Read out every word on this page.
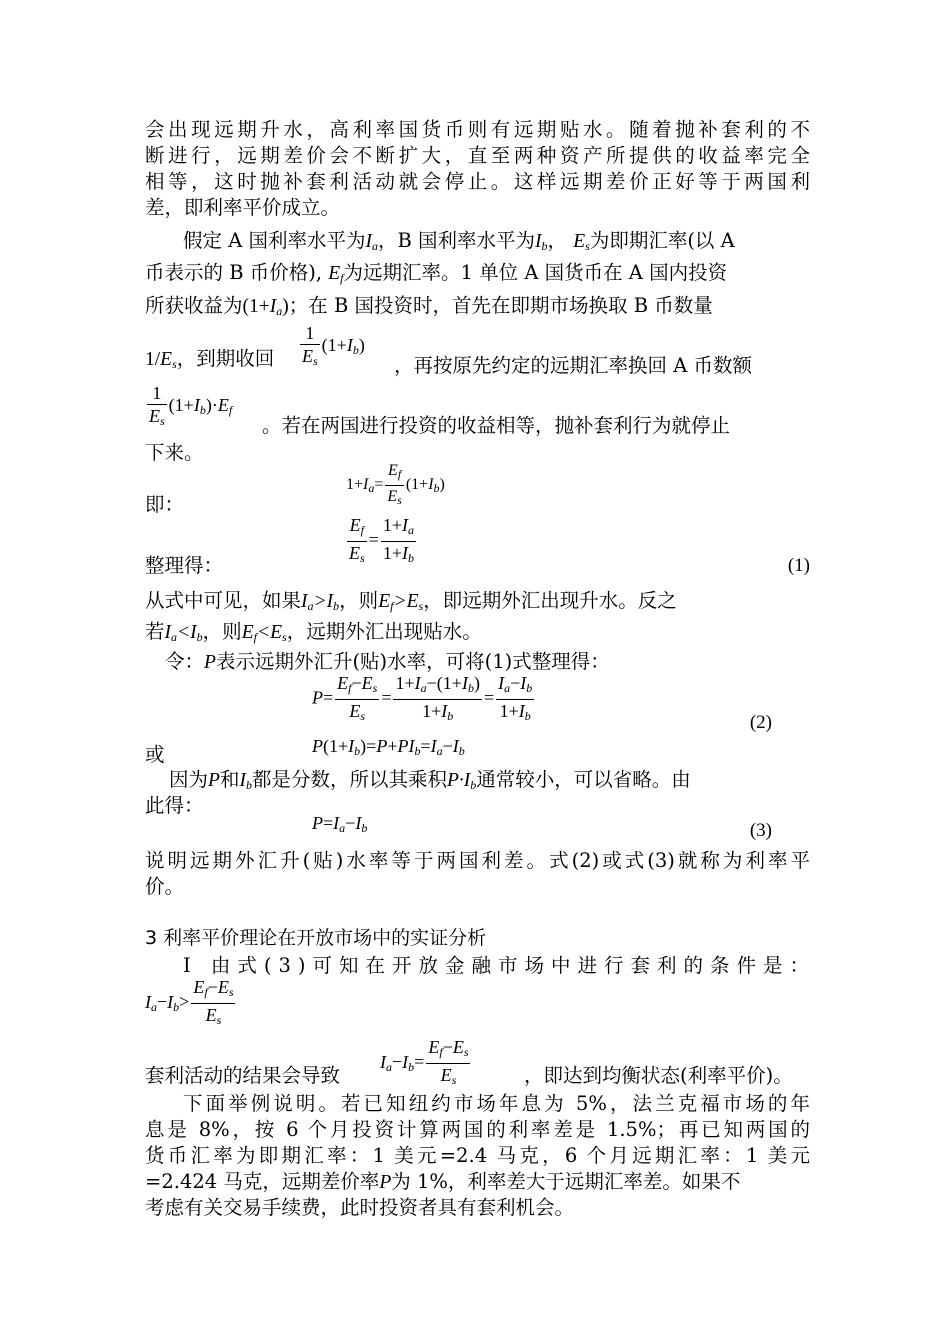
会出现远期升水，高利率国货币则有远期贴水。随着抛补套利的不
断进行，远期差价会不断扩大，直至两种资产所提供的收益率完全
相等，这时抛补套利活动就会停止。这样远期差价正好等于两国利
差，即利率平价成立。
假定 A 国利率水平为$I_a$，B 国利率水平为$I_b$， $E_s$为即期汇率(以 A
币表示的 B 币价格), $E_f$为远期汇率。1 单位 A 国货币在 A 国内投资
所获收益为$(1+I_a)$；在 B 国投资时，首先在即期市场换取 B 币数量
$1/E_s$，到期收回	$\frac{1}{E_s} (1+I_b)$
，再按原先约定的远期汇率换回 A 币数额
$\frac{1}{E_s} (1+I_b)\cdot E_f$
。若在两国进行投资的收益相等，抛补套利行为就停止
下来。
即：
$1+I_a= \frac{E_f}{E_s} (1+I_b)$
整理得：	$\frac{E_f}{E_s} = \frac{1+I_a}{1+I_b}$	(1)
从式中可见，如果$I_a>I_b$，则$E_f>E_s$，即远期外汇出现升水。反之
若$I_a<I_b$，则$E_f<E_s$，远期外汇出现贴水。
令：P表示远期外汇升(贴)水率，可将(1)式整理得：
$P= \frac{E_f-E_s}{E_s} = \frac{1+I_a-(1+I_b)}{1+I_b} = \frac{I_a-I_b}{1+I_b}$	(2)
$P(1+I_b)=P+PI_b=I_a-I_b$
或
因为P和$I_b$都是分数，所以其乘积$P\cdot I_b$通常较小，可以省略。由
此得：
$P=I_a-I_b$	(3)
说明远期外汇升(贴)水率等于两国利差。式(2)或式(3)就称为利率平
价。
3 利率平价理论在开放市场中的实证分析
Ⅰ 由式(3)可知在开放金融市场中进行套利的条件是：
$I_a-I_b> \frac{E_f-E_s}{E_s}$
$I_a-I_b= \frac{E_f-E_s}{E_s}$
套利活动的结果会导致	，即达到均衡状态(利率平价)。
下面举例说明。若已知纽约市场年息为 5%，法兰克福市场的年
息是 8%，按 6 个月投资计算两国的利率差是 1.5%；再已知两国的
货币汇率为即期汇率：1 美元=2.4 马克，6 个月远期汇率：1 美元
=2.424 马克，远期差价率P为 1%，利率差大于远期汇率差。如果不
考虑有关交易手续费，此时投资者具有套利机会。
